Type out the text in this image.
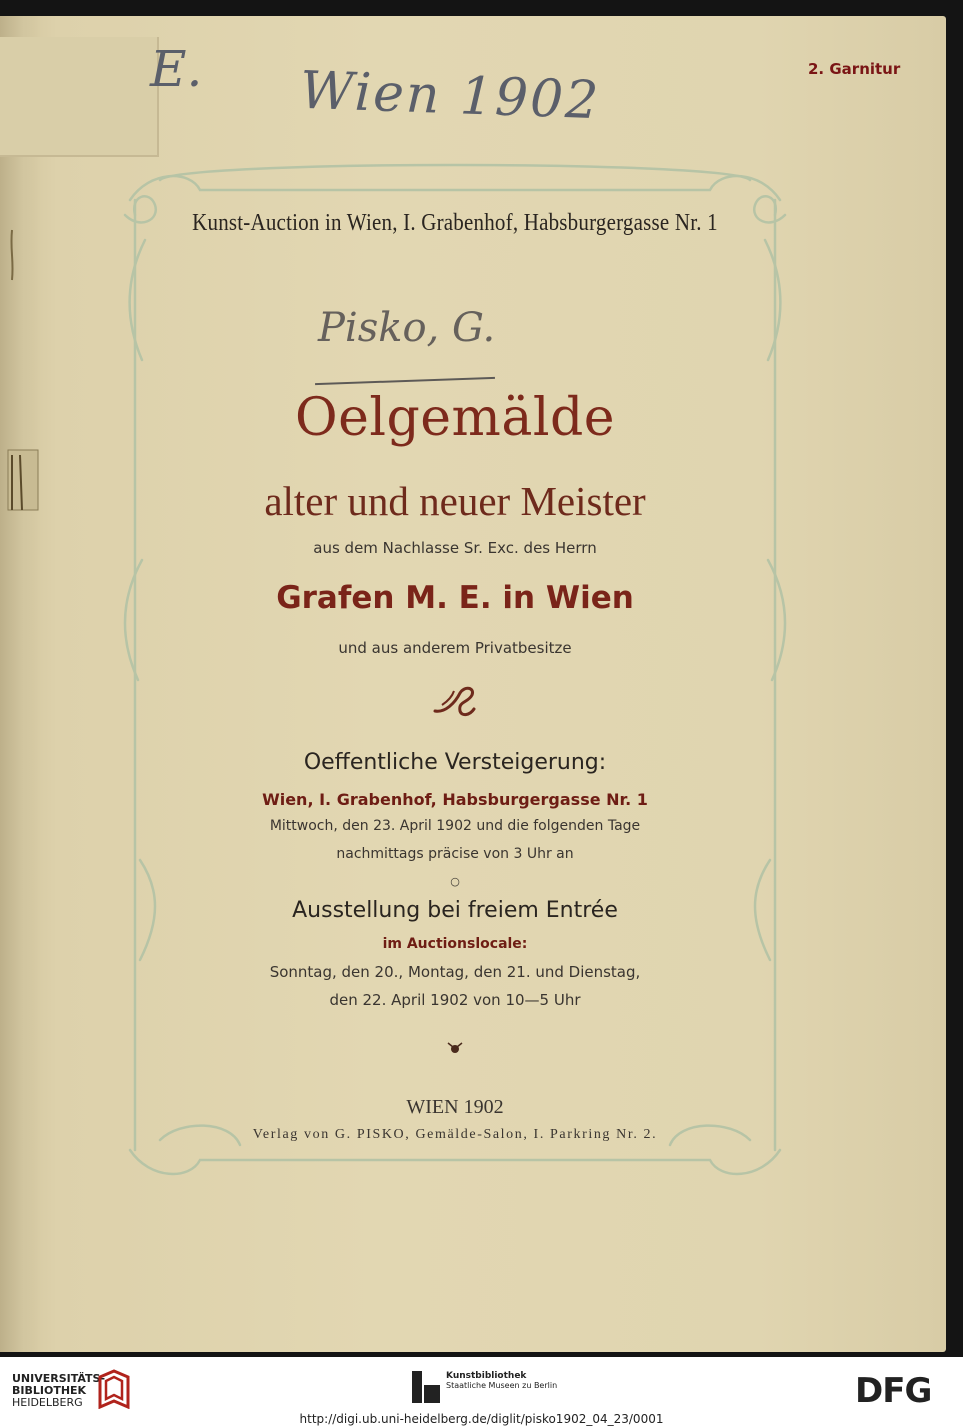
E. Wien 1902
Pisko, G.
2. Garnitur
Kunst-Auction in Wien, I. Grabenhof, Habsburgergasse Nr. 1
Oelgemälde
alter und neuer Meister
aus dem Nachlasse Sr. Exc. des Herrn
Grafen M. E. in Wien
und aus anderem Privatbesitze
Oeffentliche Versteigerung:
Wien, I. Grabenhof, Habsburgergasse Nr. 1
Mittwoch, den 23. April 1902 und die folgenden Tage
nachmittags präcise von 3 Uhr an
○
Ausstellung bei freiem Entrée
im Auctionslocale:
Sonntag, den 20., Montag, den 21. und Dienstag,
den 22. April 1902 von 10—5 Uhr
WIEN 1902
Verlag von G. PISKO, Gemälde-Salon, I. Parkring Nr. 2.
UNIVERSITÄTS-
BIBLIOTHEK
HEIDELBERG
Kunstbibliothek
Staatliche Museen zu Berlin	DFG
http://digi.ub.uni-heidelberg.de/diglit/pisko1902_04_23/0001
